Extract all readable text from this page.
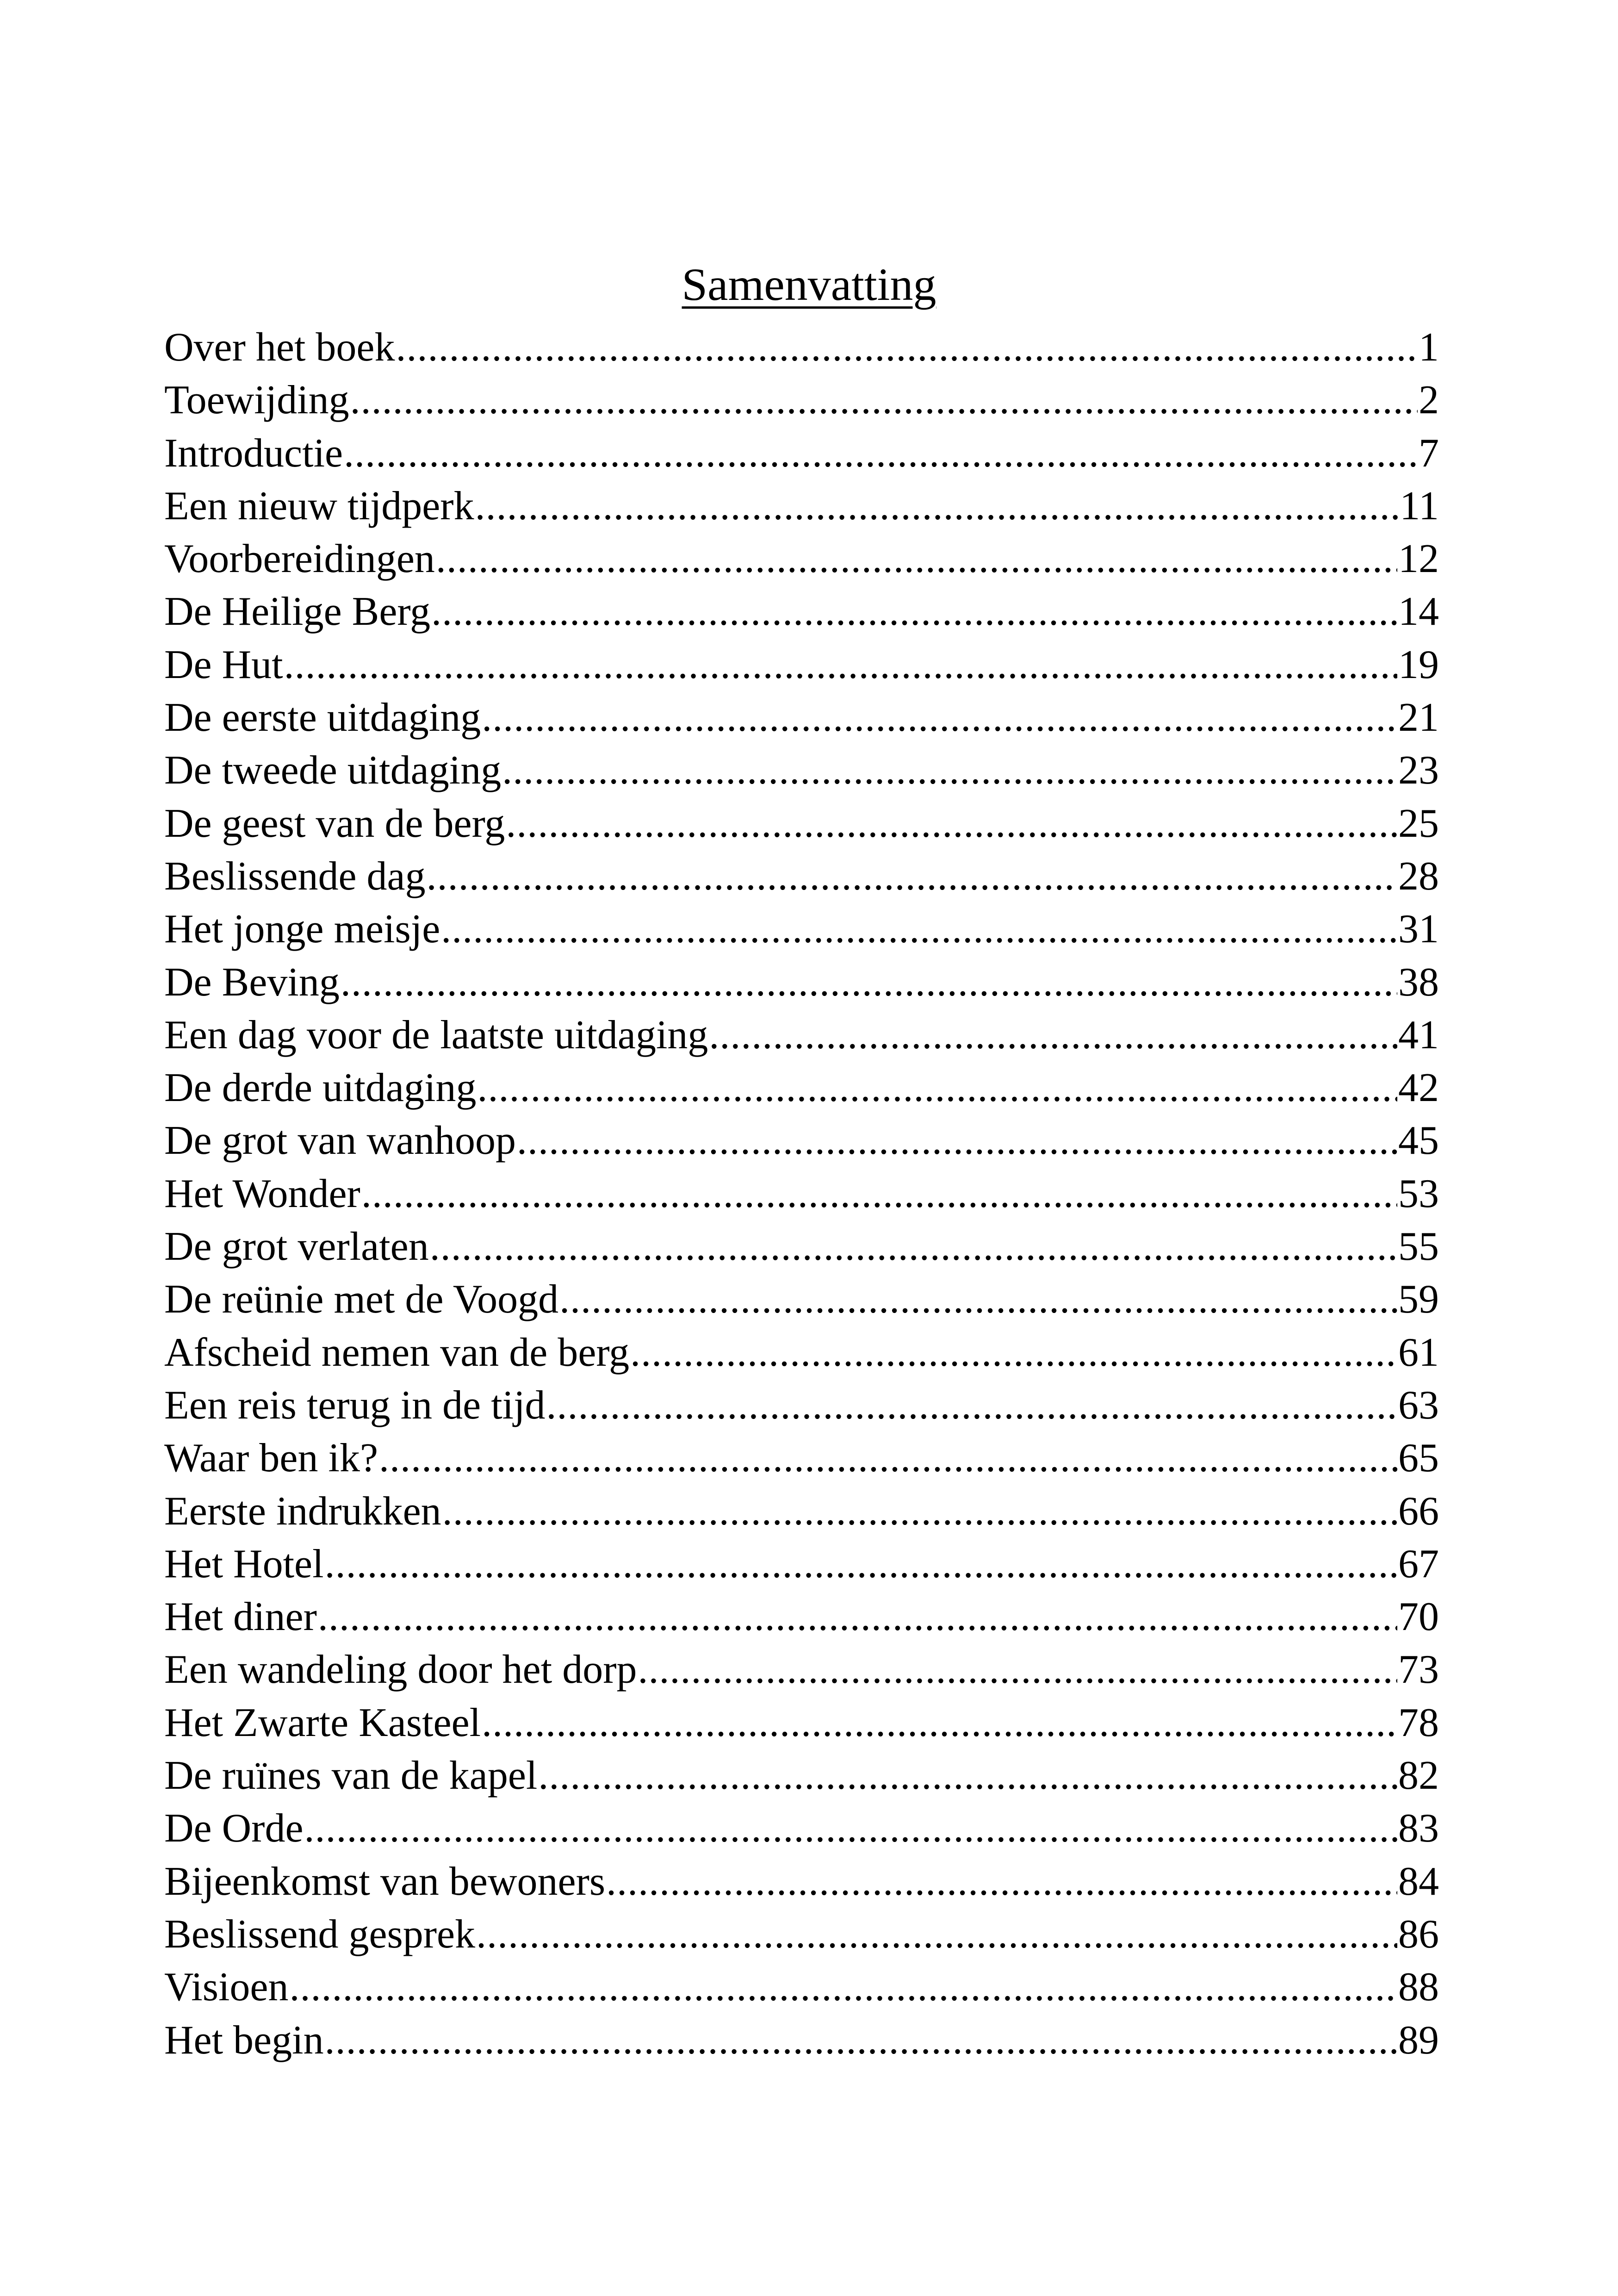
Samenvatting
Over het boek .....	1
Toewijding .....	2
Introductie .....	7
Een nieuw tijdperk .....	11
Voorbereidingen .....	12
De Heilige Berg .....	14
De Hut .....	19
De eerste uitdaging .....	21
De tweede uitdaging .....	23
De geest van de berg .....	25
Beslissende dag .....	28
Het jonge meisje .....	31
De Beving .....	38
Een dag voor de laatste uitdaging .....	41
De derde uitdaging .....	42
De grot van wanhoop .....	45
Het Wonder .....	53
De grot verlaten .....	55
De reünie met de Voogd .....	59
Afscheid nemen van de berg .....	61
Een reis terug in de tijd .....	63
Waar ben ik? .....	65
Eerste indrukken .....	66
Het Hotel .....	67
Het diner .....	70
Een wandeling door het dorp .....	73
Het Zwarte Kasteel .....	78
De ruïnes van de kapel .....	82
De Orde .....	83
Bijeenkomst van bewoners .....	84
Beslissend gesprek .....	86
Visioen .....	88
Het begin .....	89
